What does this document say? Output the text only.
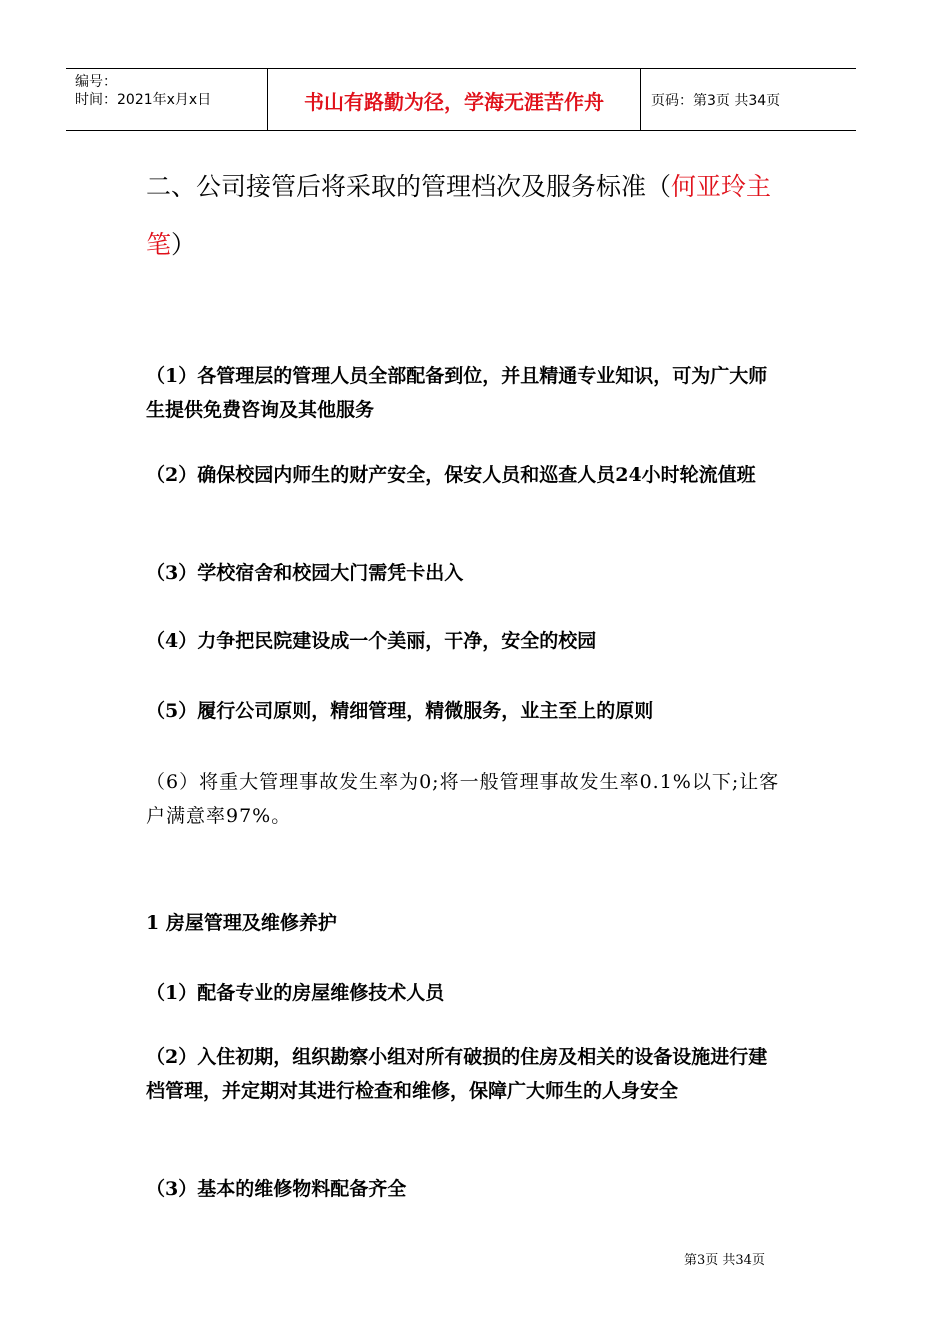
编号：
时间：2021年x月x日	书山有路勤为径，学海无涯苦作舟	页码：第3页 共34页
二、公司接管后将采取的管理档次及服务标准（何亚玲主笔）
（1）各管理层的管理人员全部配备到位，并且精通专业知识，可为广大师生提供免费咨询及其他服务
（2）确保校园内师生的财产安全，保安人员和巡查人员24小时轮流值班
（3）学校宿舍和校园大门需凭卡出入
（4）力争把民院建设成一个美丽，干净，安全的校园
（5）履行公司原则，精细管理，精微服务，业主至上的原则
（6）将重大管理事故发生率为0;将一般管理事故发生率0.1%以下;让客户满意率97%。
1 房屋管理及维修养护
（1）配备专业的房屋维修技术人员
（2）入住初期，组织勘察小组对所有破损的住房及相关的设备设施进行建档管理，并定期对其进行检查和维修，保障广大师生的人身安全
（3）基本的维修物料配备齐全
第3页 共34页
